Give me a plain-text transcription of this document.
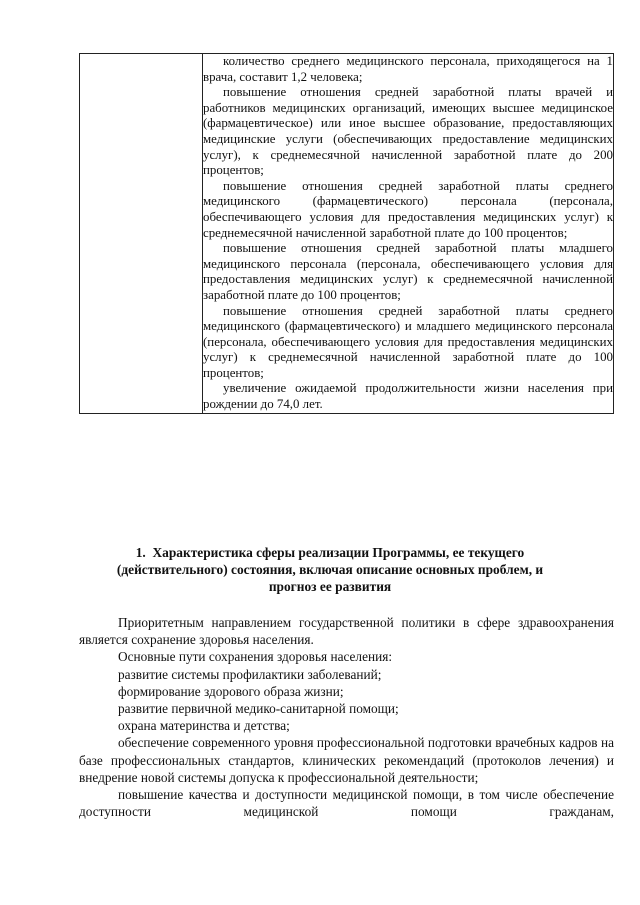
количество среднего медицинского персонала, приходящегося на 1 врача, составит 1,2 человека;

повышение отношения средней заработной платы врачей и работников медицинских организаций, имеющих высшее медицинское (фармацевтическое) или иное высшее образование, предоставляющих медицинские услуги (обеспечивающих предоставление медицинских услуг), к среднемесячной начисленной заработной плате до 200 процентов;

повышение отношения средней заработной платы среднего медицинского (фармацевтического) персонала (персонала, обеспечивающего условия для предоставления медицинских услуг) к среднемесячной начисленной заработной плате до 100 процентов;

повышение отношения средней заработной платы младшего медицинского персонала (персонала, обеспечивающего условия для предоставления медицинских услуг) к среднемесячной начисленной заработной плате до 100 процентов;

повышение отношения средней заработной платы среднего медицинского (фармацевтического) и младшего медицинского персонала (персонала, обеспечивающего условия для предоставления медицинских услуг) к среднемесячной начисленной заработной плате до 100 процентов;

увеличение ожидаемой продолжительности жизни населения при рождении до 74,0 лет.

1. Характеристика сферы реализации Программы, ее текущего (действительного) состояния, включая описание основных проблем, и прогноз ее развития

Приоритетным направлением государственной политики в сфере здравоохранения является сохранение здоровья населения.

Основные пути сохранения здоровья населения:

развитие системы профилактики заболеваний;

формирование здорового образа жизни;

развитие первичной медико-санитарной помощи;

охрана материнства и детства;

обеспечение современного уровня профессиональной подготовки врачебных кадров на базе профессиональных стандартов, клинических рекомендаций (протоколов лечения) и внедрение новой системы допуска к профессиональной деятельности;

повышение качества и доступности медицинской помощи, в том числе обеспечение доступности медицинской помощи гражданам,
